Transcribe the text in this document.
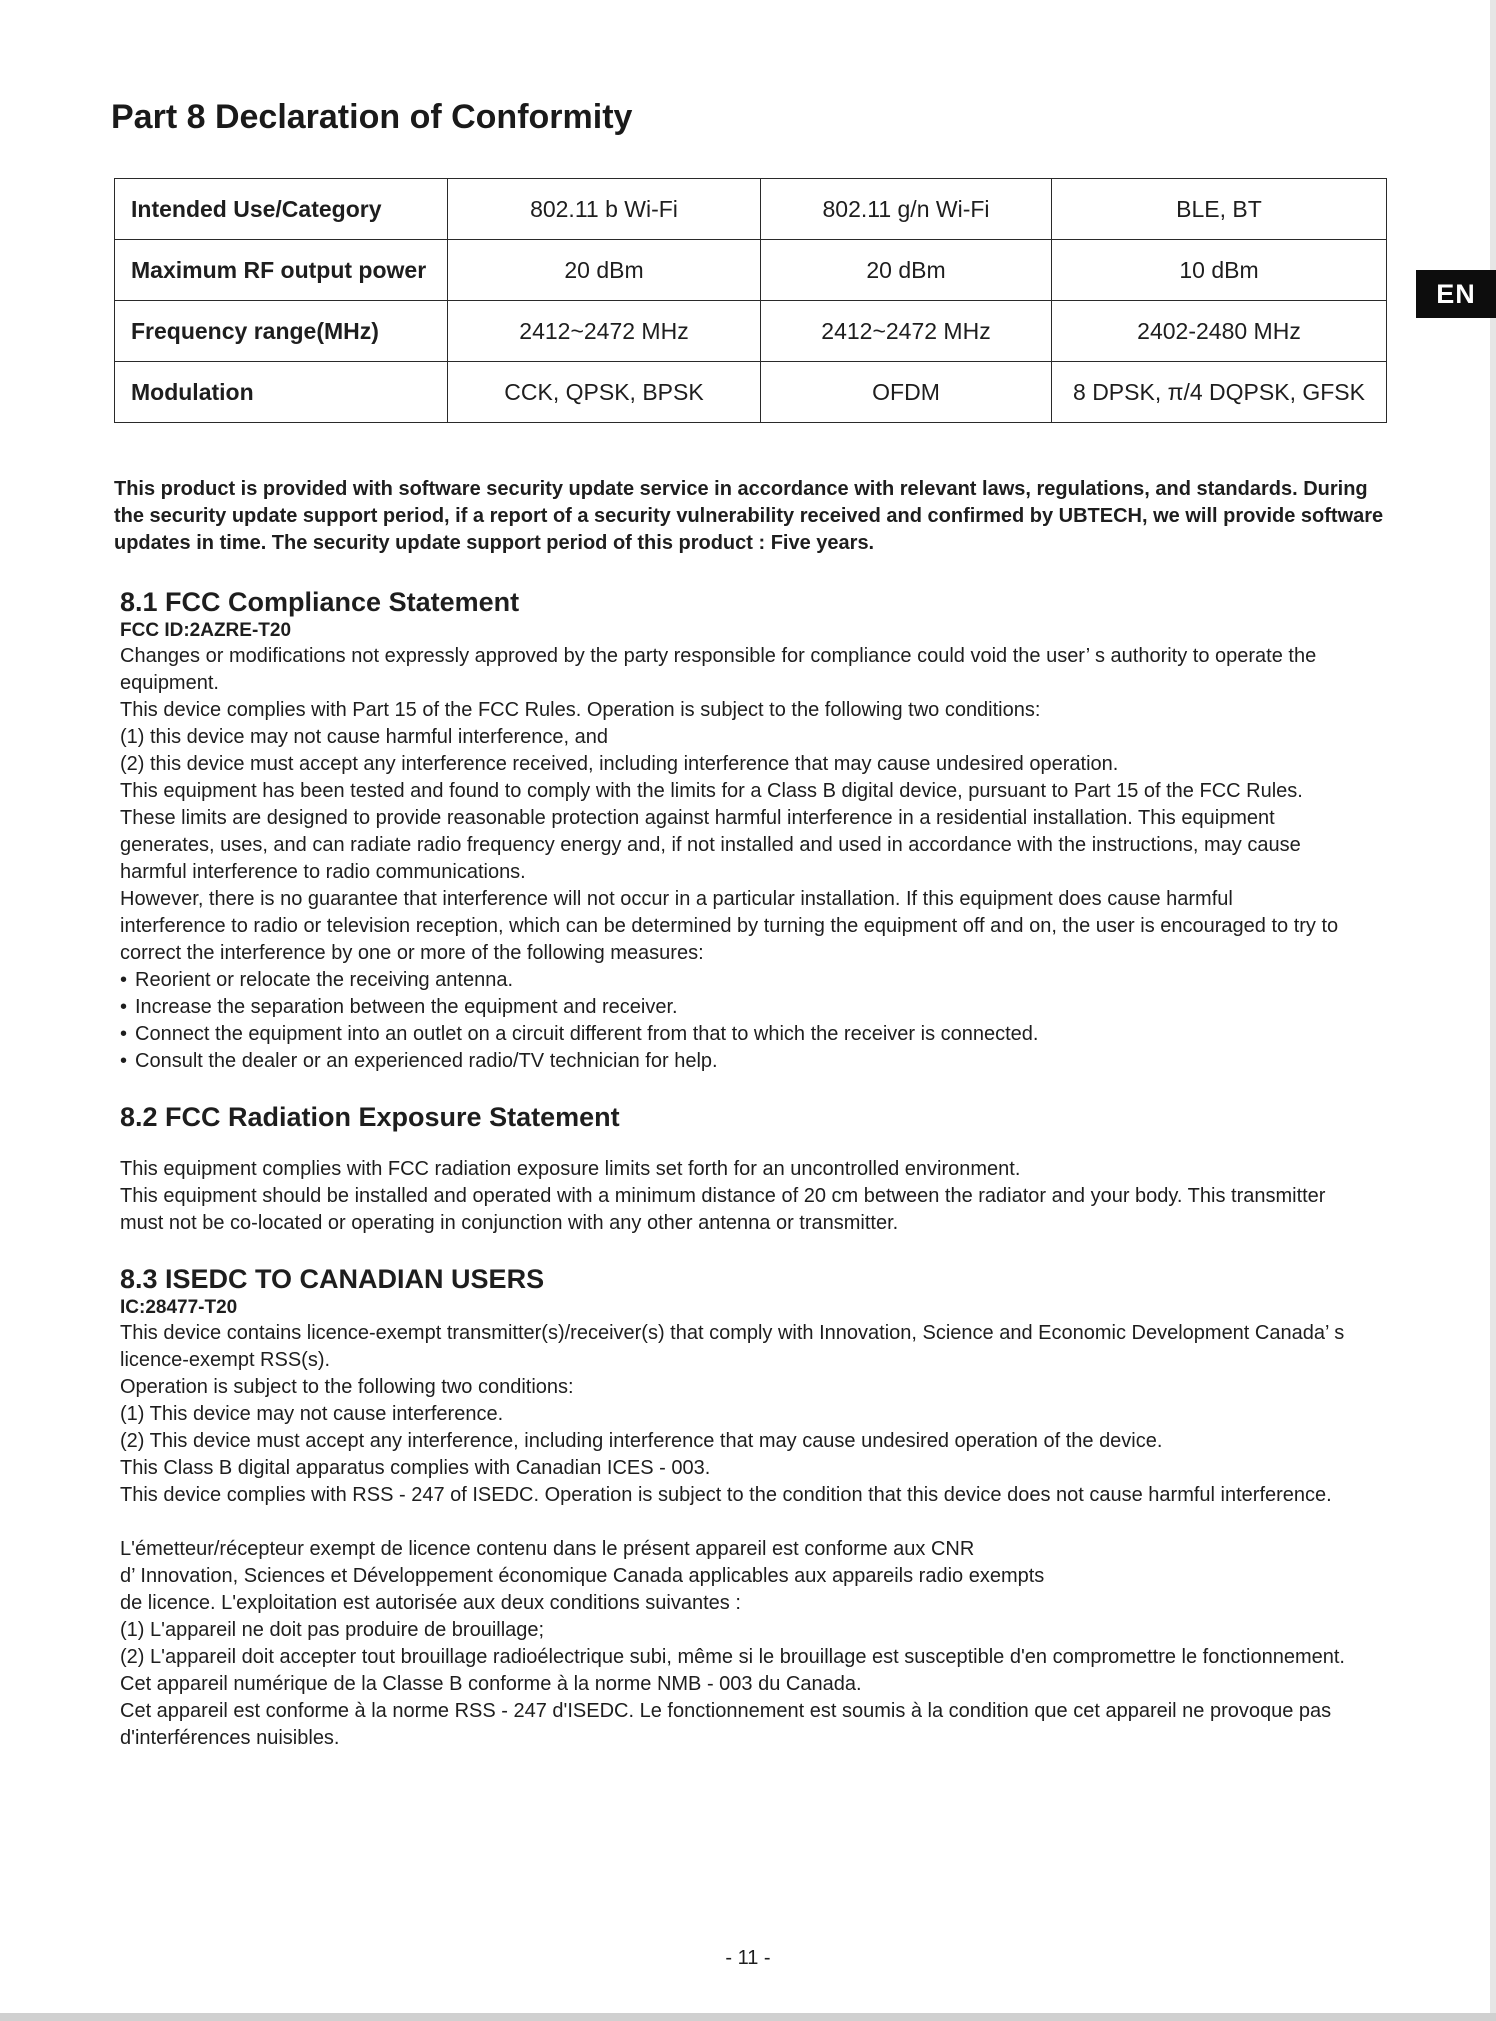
EN
Part 8 Declaration of Conformity
Intended Use/Category	802.11 b Wi-Fi	802.11 g/n Wi-Fi	BLE, BT
Maximum RF output power	20 dBm	20 dBm	10 dBm
Frequency range(MHz)	2412~2472 MHz	2412~2472 MHz	2402-2480 MHz
Modulation	CCK, QPSK, BPSK	OFDM	8 DPSK, π/4 DQPSK, GFSK
This product is provided with software security update service in accordance with relevant laws, regulations, and standards. During
the security update support period, if a report of a security vulnerability received and confirmed by UBTECH, we will provide software
updates in time. The security update support period of this product : Five years.
8.1 FCC Compliance Statement
FCC ID:2AZRE-T20

Changes or modifications not expressly approved by the party responsible for compliance could void the user’ s authority to operate the

equipment.

This device complies with Part 15 of the FCC Rules. Operation is subject to the following two conditions:

(1) this device may not cause harmful interference, and

(2) this device must accept any interference received, including interference that may cause undesired operation.

This equipment has been tested and found to comply with the limits for a Class B digital device, pursuant to Part 15 of the FCC Rules.

These limits are designed to provide reasonable protection against harmful interference in a residential installation. This equipment

generates, uses, and can radiate radio frequency energy and, if not installed and used in accordance with the instructions, may cause

harmful interference to radio communications.

However, there is no guarantee that interference will not occur in a particular installation. If this equipment does cause harmful

interference to radio or television reception, which can be determined by turning the equipment off and on, the user is encouraged to try to

correct the interference by one or more of the following measures:

• Reorient or relocate the receiving antenna.
• Increase the separation between the equipment and receiver.
• Connect the equipment into an outlet on a circuit different from that to which the receiver is connected.
• Consult the dealer or an experienced radio/TV technician for help.
8.2 FCC Radiation Exposure Statement

This equipment complies with FCC radiation exposure limits set forth for an uncontrolled environment.

This equipment should be installed and operated with a minimum distance of 20 cm between the radiator and your body. This transmitter

must not be co-located or operating in conjunction with any other antenna or transmitter.

8.3 ISEDC TO CANADIAN USERS
IC:28477-T20

This device contains licence-exempt transmitter(s)/receiver(s) that comply with Innovation, Science and Economic Development Canada’ s

licence-exempt RSS(s).

Operation is subject to the following two conditions:

(1) This device may not cause interference.

(2) This device must accept any interference, including interference that may cause undesired operation of the device.

This Class B digital apparatus complies with Canadian ICES - 003.

This device complies with RSS - 247 of ISEDC. Operation is subject to the condition that this device does not cause harmful interference.

L'émetteur/récepteur exempt de licence contenu dans le présent appareil est conforme aux CNR

d’ Innovation, Sciences et Développement économique Canada applicables aux appareils radio exempts

de licence. L'exploitation est autorisée aux deux conditions suivantes :

(1) L'appareil ne doit pas produire de brouillage;

(2) L'appareil doit accepter tout brouillage radioélectrique subi, même si le brouillage est susceptible d'en compromettre le fonctionnement.

Cet appareil numérique de la Classe B conforme à la norme NMB - 003 du Canada.

Cet appareil est conforme à la norme RSS - 247 d'ISEDC. Le fonctionnement est soumis à la condition que cet appareil ne provoque pas

d'interférences nuisibles.

- 11 -
